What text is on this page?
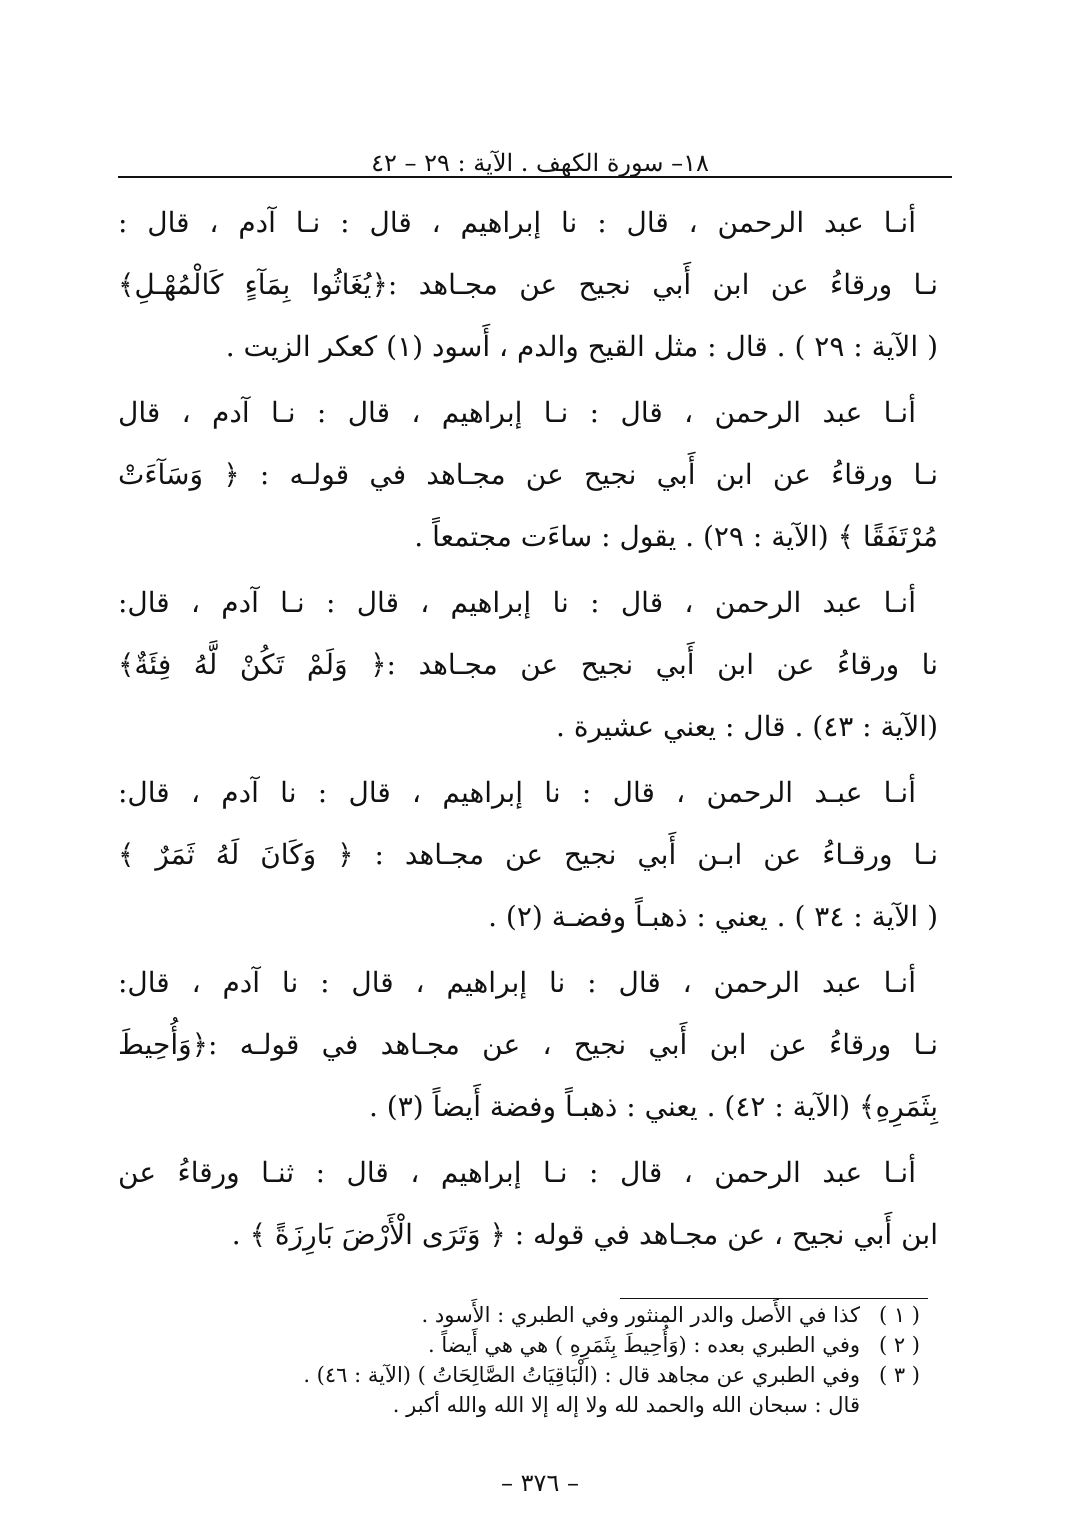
١٨– سورة الكهف . الآية : ٢٩ – ٤٢
أنـا عبد الرحمن ، قال : نا إبراهيم ، قال : نـا آدم ، قال :
نـا ورقاءُ عن ابن أَبي نجيح عن مجـاهد :﴿يُغَاثُوا بِمَآءٍ كَالْمُهْـلِ﴾
( الآية : ٢٩ ) . قال : مثل القيح والدم ، أَسود (١) كعكر الزيت .
أنـا عبد الرحمن ، قال : نـا إبراهيم ، قال : نـا آدم ، قال
نـا ورقاءُ عن ابن أَبي نجيح عن مجـاهد في قولـه : ﴿ وَسَآءَتْ
مُرْتَفَقًا ﴾ (الآية : ٢٩) . يقول : ساءَت مجتمعاً .
أنـا عبد الرحمن ، قال : نا إبراهيم ، قال : نـا آدم ، قال:
نا ورقاءُ عن ابن أَبي نجيح عن مجـاهد :﴿ وَلَمْ تَكُنْ لَّهُ فِئَةٌ﴾
(الآية : ٤٣) . قال : يعني عشيرة .
أنـا عبـد الرحمن ، قال : نا إبراهيم ، قال : نا آدم ، قال:
نـا ورقـاءُ عن ابـن أَبي نجيح عن مجـاهد : ﴿ وَكَانَ لَهُ ثَمَرٌ ﴾
( الآية : ٣٤ ) . يعني : ذهبـاً وفضـة (٢) .
أنـا عبد الرحمن ، قال : نا إبراهيم ، قال : نا آدم ، قال:
نـا ورقاءُ عن ابن أَبي نجيح ، عن مجـاهد في قولـه :﴿وَأُحِيطَ
بِثَمَرِهِ﴾ (الآية : ٤٢) . يعني : ذهبـاً وفضة أَيضاً (٣) .
أنـا عبد الرحمن ، قال : نـا إبراهيم ، قال : ثنـا ورقاءُ عن
ابن أَبي نجيح ، عن مجـاهد في قوله : ﴿ وَتَرَى الْأَرْضَ بَارِزَةً ﴾ .
( ١ )كذا في الأَصل والدر المنثور وفي الطبري : الأَسود .
( ٢ )وفي الطبري بعده : (وَأُحِيطَ بِثَمَرِهِ ) هي هي أَيضاً .
( ٣ )وفي الطبري عن مجاهد قال : (الْبَاقِيَاتُ الصَّالِحَاتُ ) (الآية : ٤٦) .
قال : سبحان الله والحمد لله ولا إله إلا الله والله أكبر .
– ٣٧٦ –
